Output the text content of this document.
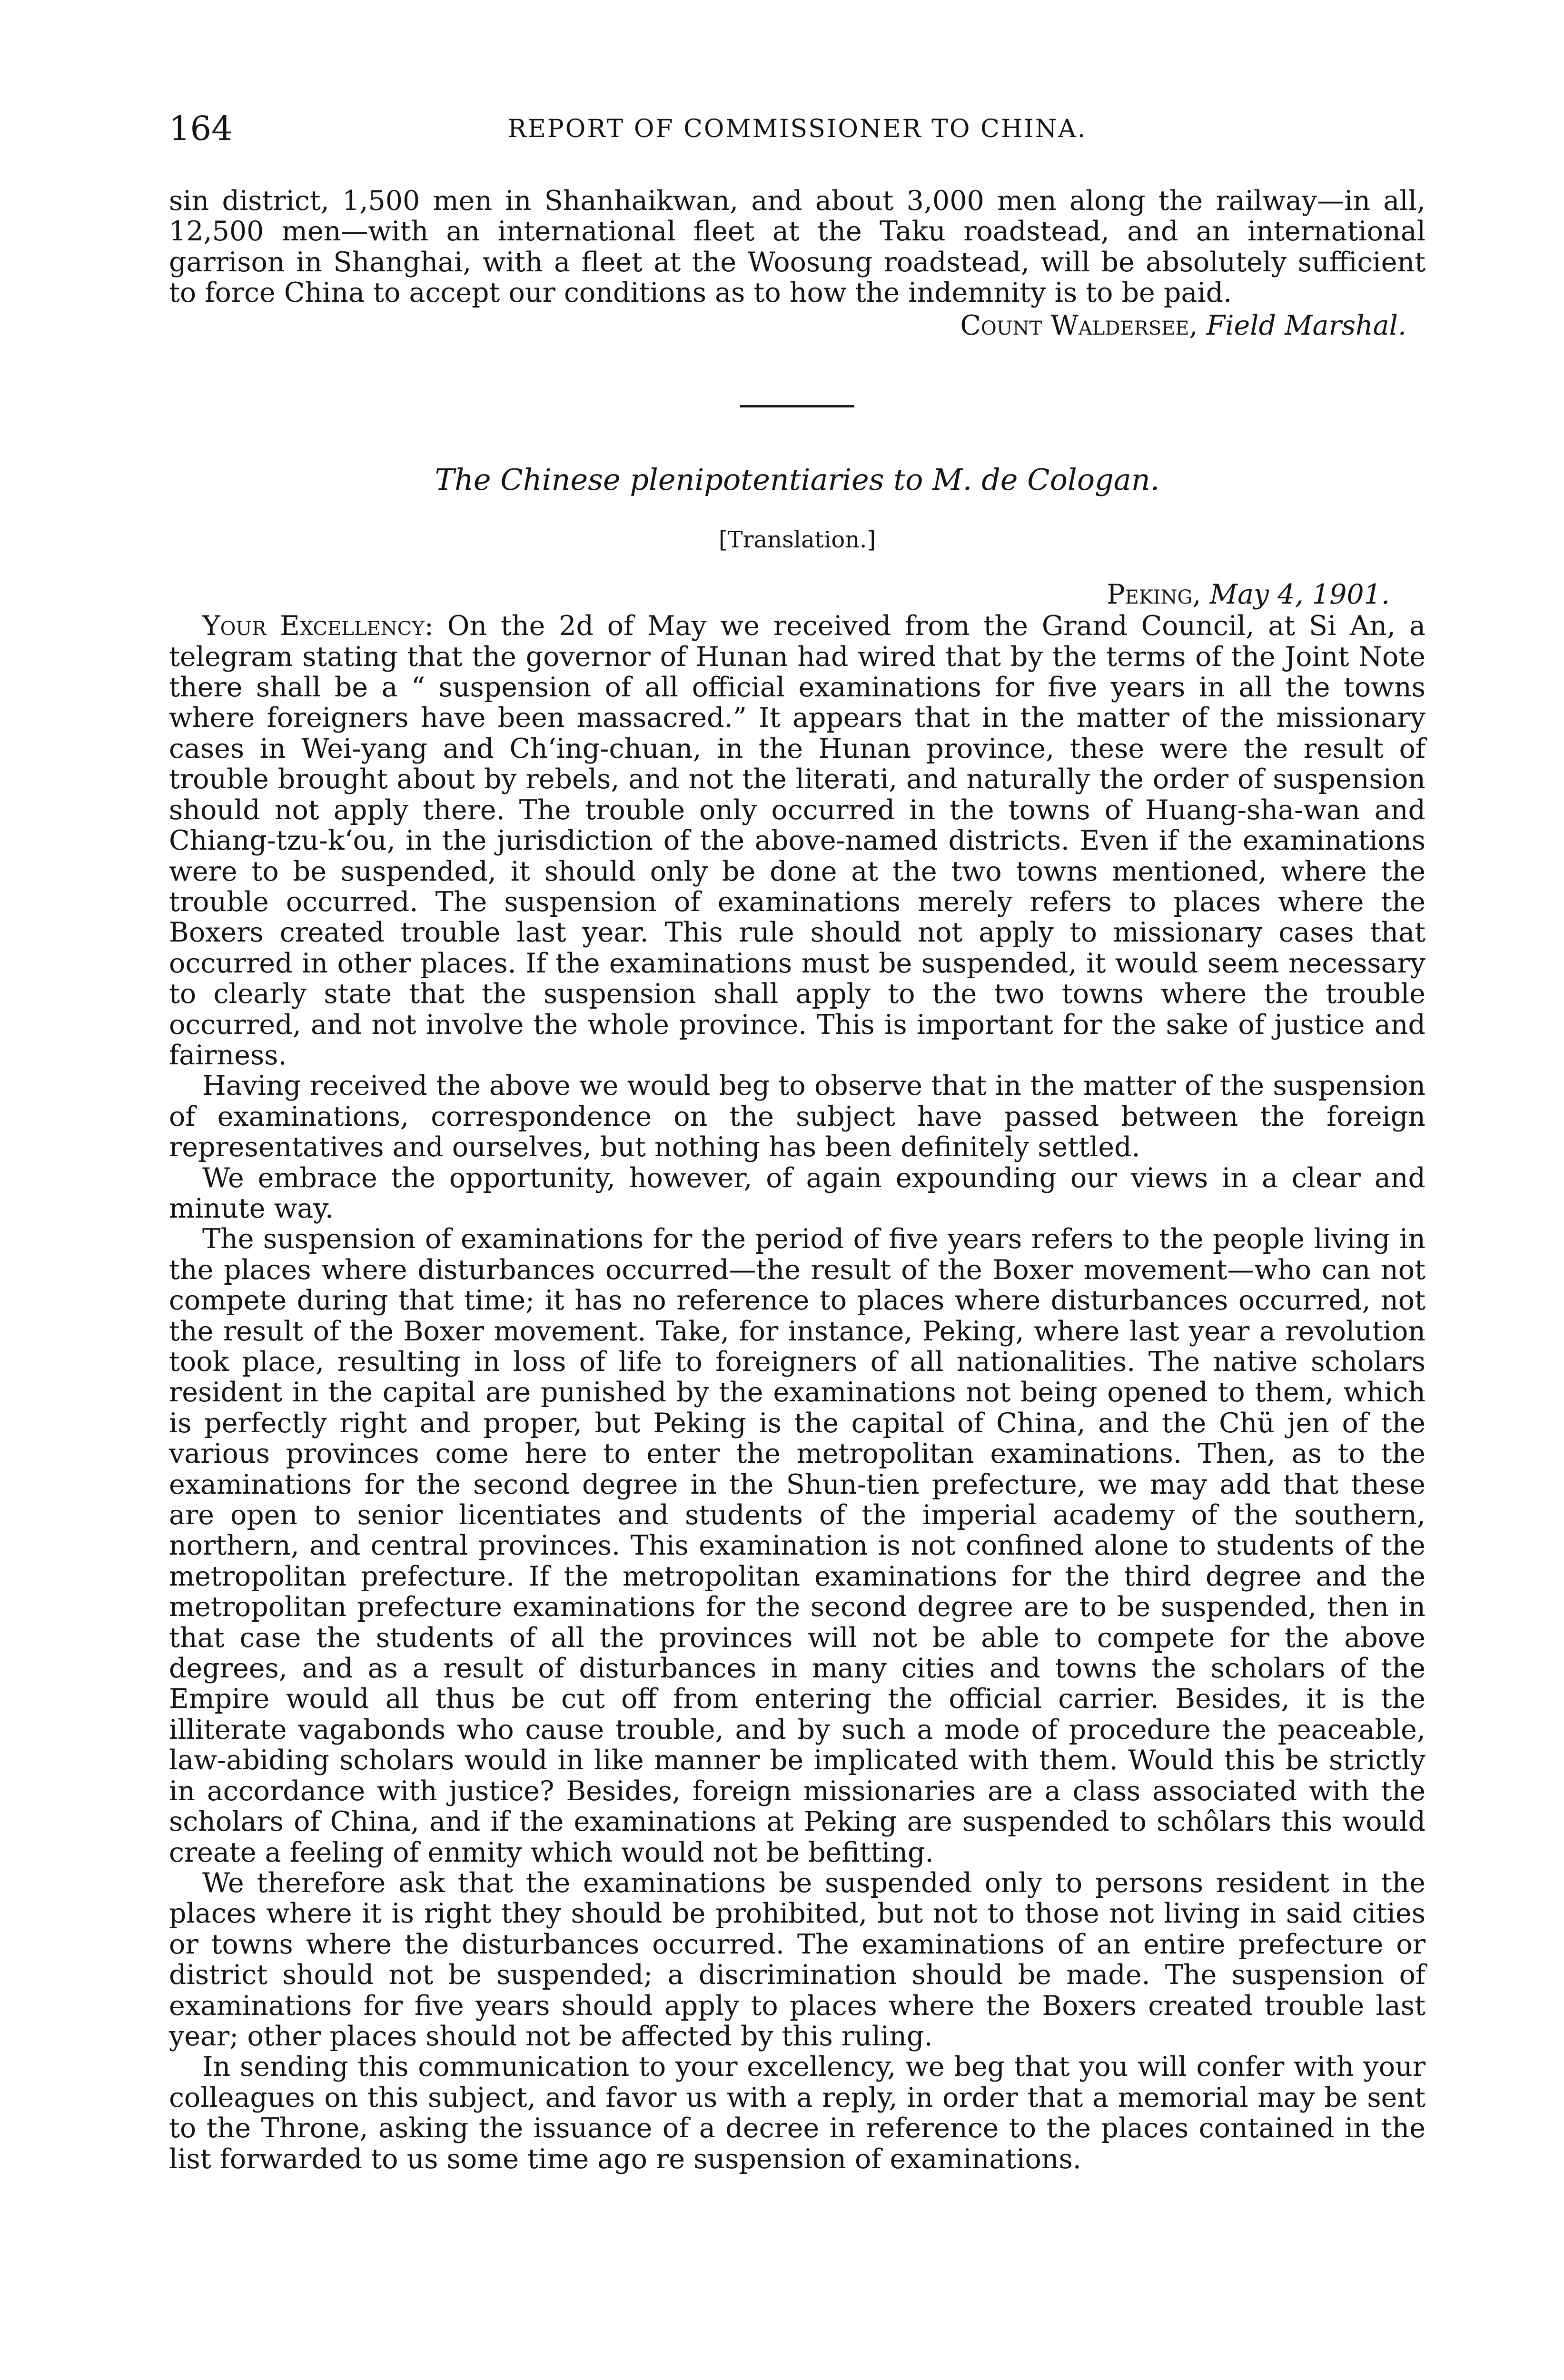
164	REPORT OF COMMISSIONER TO CHINA.

sin district, 1,500 men in Shanhaikwan, and about 3,000 men along the railway—in all, 12,500 men—with an international fleet at the Taku roadstead, and an international garrison in Shanghai, with a fleet at the Woosung roadstead, will be absolutely sufficient to force China to accept our conditions as to how the indemnity is to be paid.

Count Waldersee, Field Marshal.

The Chinese plenipotentiaries to M. de Cologan.

[Translation.]

Peking, May 4, 1901.

Your Excellency: On the 2d of May we received from the Grand Council, at Si An, a telegram stating that the governor of Hunan had wired that by the terms of the Joint Note there shall be a “ suspension of all official examinations for five years in all the towns where foreigners have been massacred.” It appears that in the matter of the missionary cases in Wei-yang and Ch‘ing-chuan, in the Hunan province, these were the result of trouble brought about by rebels, and not the literati, and naturally the order of suspension should not apply there. The trouble only occurred in the towns of Huang-sha-wan and Chiang-tzu-k‘ou, in the jurisdiction of the above-named districts. Even if the examinations were to be suspended, it should only be done at the two towns mentioned, where the trouble occurred. The suspension of examinations merely refers to places where the Boxers created trouble last year. This rule should not apply to missionary cases that occurred in other places. If the examinations must be suspended, it would seem necessary to clearly state that the suspension shall apply to the two towns where the trouble occurred, and not involve the whole province. This is important for the sake of justice and fairness.

Having received the above we would beg to observe that in the matter of the suspension of examinations, correspondence on the subject have passed between the foreign representatives and ourselves, but nothing has been definitely settled.

We embrace the opportunity, however, of again expounding our views in a clear and minute way.

The suspension of examinations for the period of five years refers to the people living in the places where disturbances occurred—the result of the Boxer movement—who can not compete during that time; it has no reference to places where disturbances occurred, not the result of the Boxer movement. Take, for instance, Peking, where last year a revolution took place, resulting in loss of life to foreigners of all nationalities. The native scholars resident in the capital are punished by the examinations not being opened to them, which is perfectly right and proper, but Peking is the capital of China, and the Chü jen of the various provinces come here to enter the metropolitan examinations. Then, as to the examinations for the second degree in the Shun-tien prefecture, we may add that these are open to senior licentiates and students of the imperial academy of the southern, northern, and central provinces. This examination is not confined alone to students of the metropolitan prefecture. If the metropolitan examinations for the third degree and the metropolitan prefecture examinations for the second degree are to be suspended, then in that case the students of all the provinces will not be able to compete for the above degrees, and as a result of disturbances in many cities and towns the scholars of the Empire would all thus be cut off from entering the official carrier. Besides, it is the illiterate vagabonds who cause trouble, and by such a mode of procedure the peaceable, law-abiding scholars would in like manner be implicated with them. Would this be strictly in accordance with justice? Besides, foreign missionaries are a class associated with the scholars of China, and if the examinations at Peking are suspended to schôlars this would create a feeling of enmity which would not be befitting.

We therefore ask that the examinations be suspended only to persons resident in the places where it is right they should be prohibited, but not to those not living in said cities or towns where the disturbances occurred. The examinations of an entire prefecture or district should not be suspended; a discrimination should be made. The suspension of examinations for five years should apply to places where the Boxers created trouble last year; other places should not be affected by this ruling.

In sending this communication to your excellency, we beg that you will confer with your colleagues on this subject, and favor us with a reply, in order that a memorial may be sent to the Throne, asking the issuance of a decree in reference to the places contained in the list forwarded to us some time ago re suspension of examinations.
